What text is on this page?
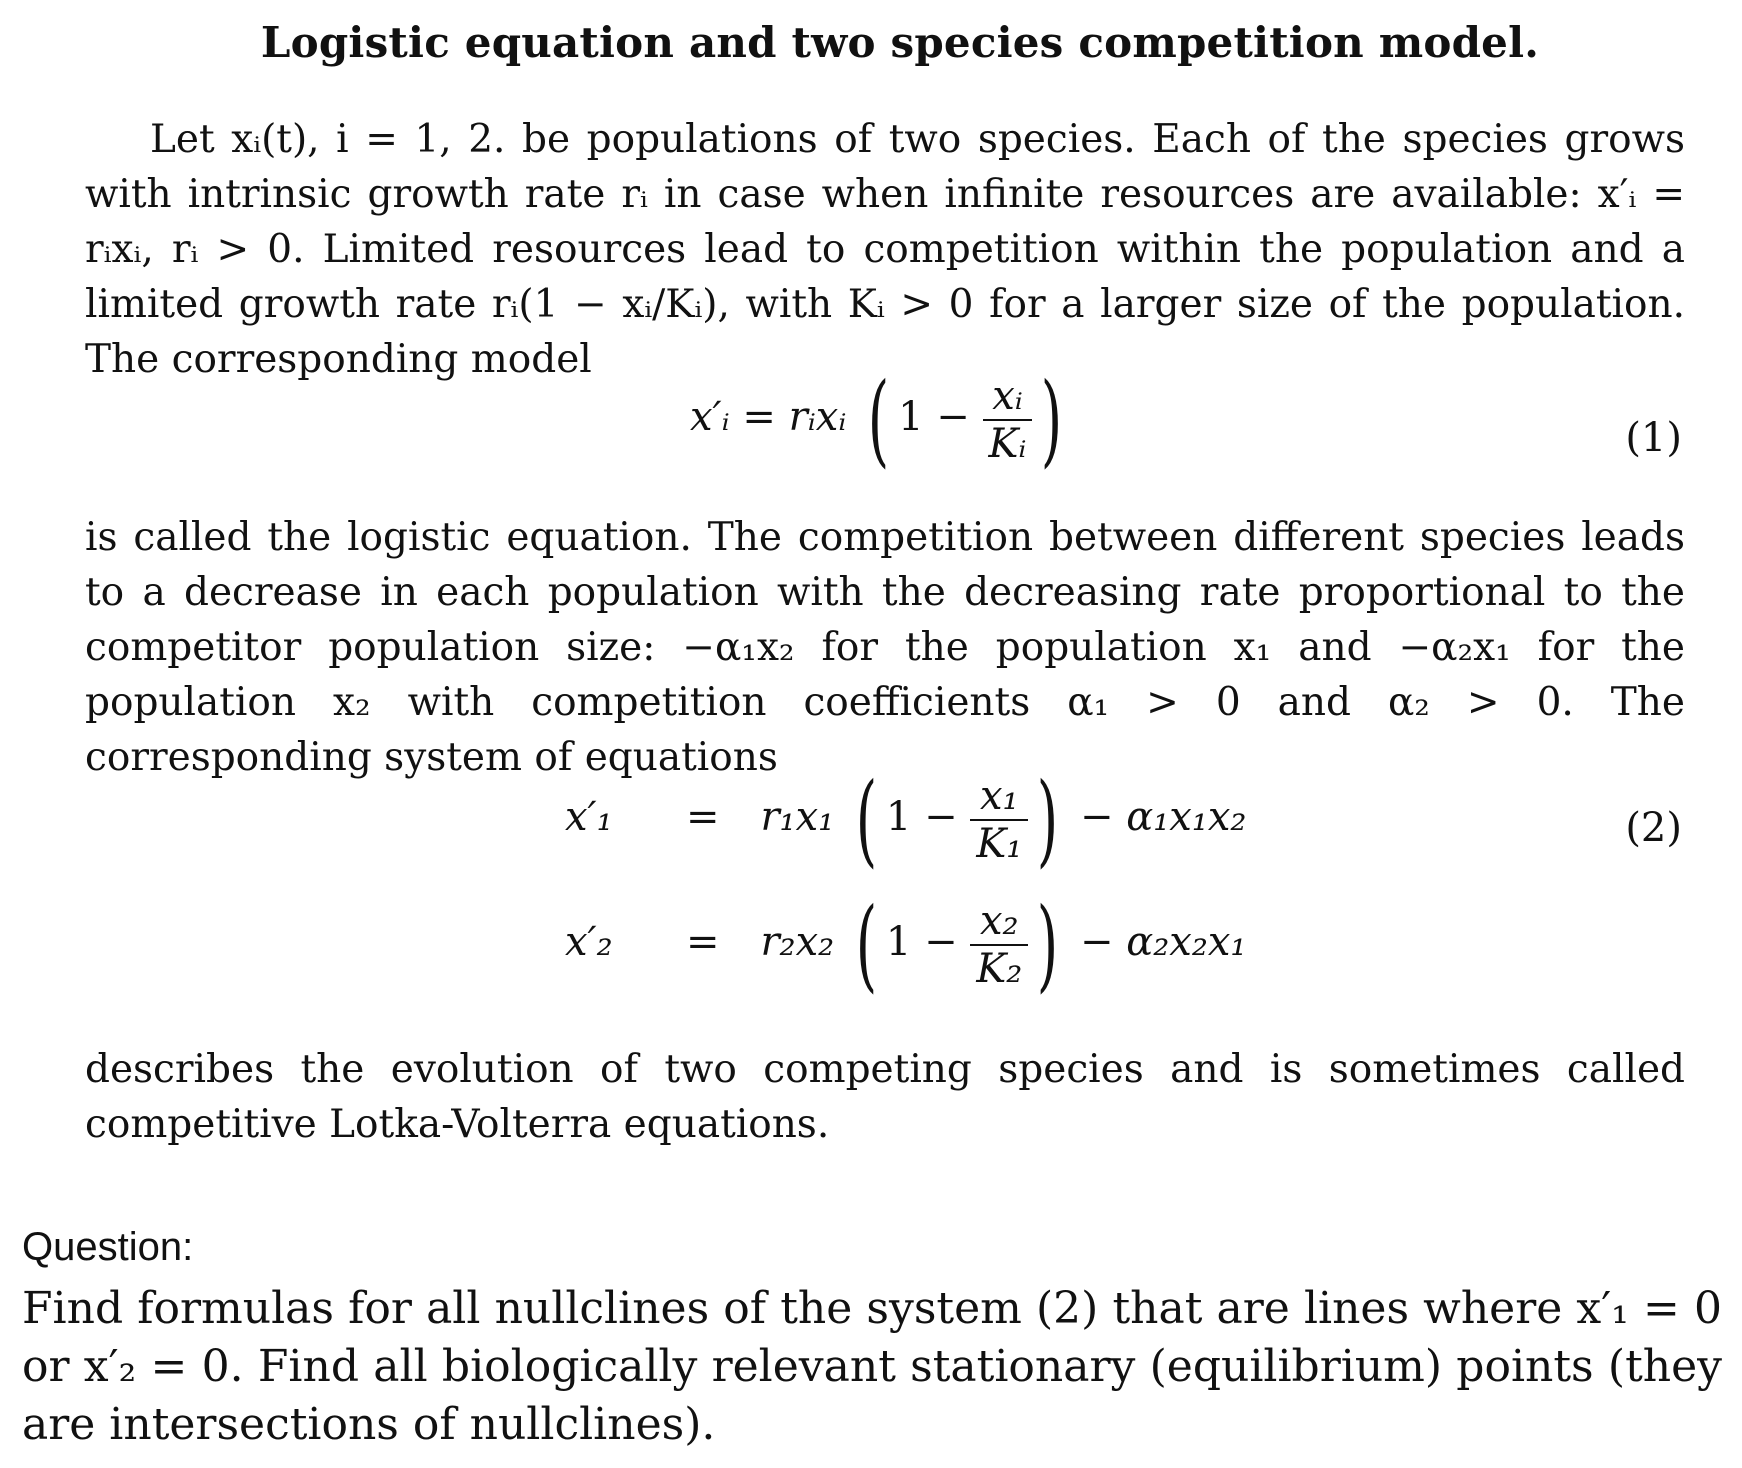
Logistic equation and two species competition model.
Let xᵢ(t), i = 1, 2. be populations of two species. Each of the species grows with intrinsic growth rate rᵢ in case when infinite resources are available: x′ᵢ = rᵢxᵢ, rᵢ > 0. Limited resources lead to competition within the population and a limited growth rate rᵢ(1 − xᵢ/Kᵢ), with Kᵢ > 0 for a larger size of the population. The corresponding model
x′ᵢ = rᵢxᵢ ( $1 - \frac{\text{xᵢ}}{\text{Kᵢ}}$ )	(1)
is called the logistic equation. The competition between different species leads to a decrease in each population with the decreasing rate proportional to the competitor population size: −α₁x₂ for the population x₁ and −α₂x₁ for the population x₂ with competition coefficients α₁ > 0 and α₂ > 0. The corresponding system of equations
x′₁ = r₁x₁ ( $1 - \frac{\text{x₁}}{\text{K₁}}$ ) − α₁x₁x₂
x′₂ = r₂x₂ ( $1 - \frac{\text{x₂}}{\text{K₂}}$ ) − α₂x₂x₁
(2)
describes the evolution of two competing species and is sometimes called competitive Lotka-Volterra equations.
Question:
Find formulas for all nullclines of the system (2) that are lines where x′₁ = 0 or x′₂ = 0. Find all biologically relevant stationary (equilibrium) points (they are intersections of nullclines).
